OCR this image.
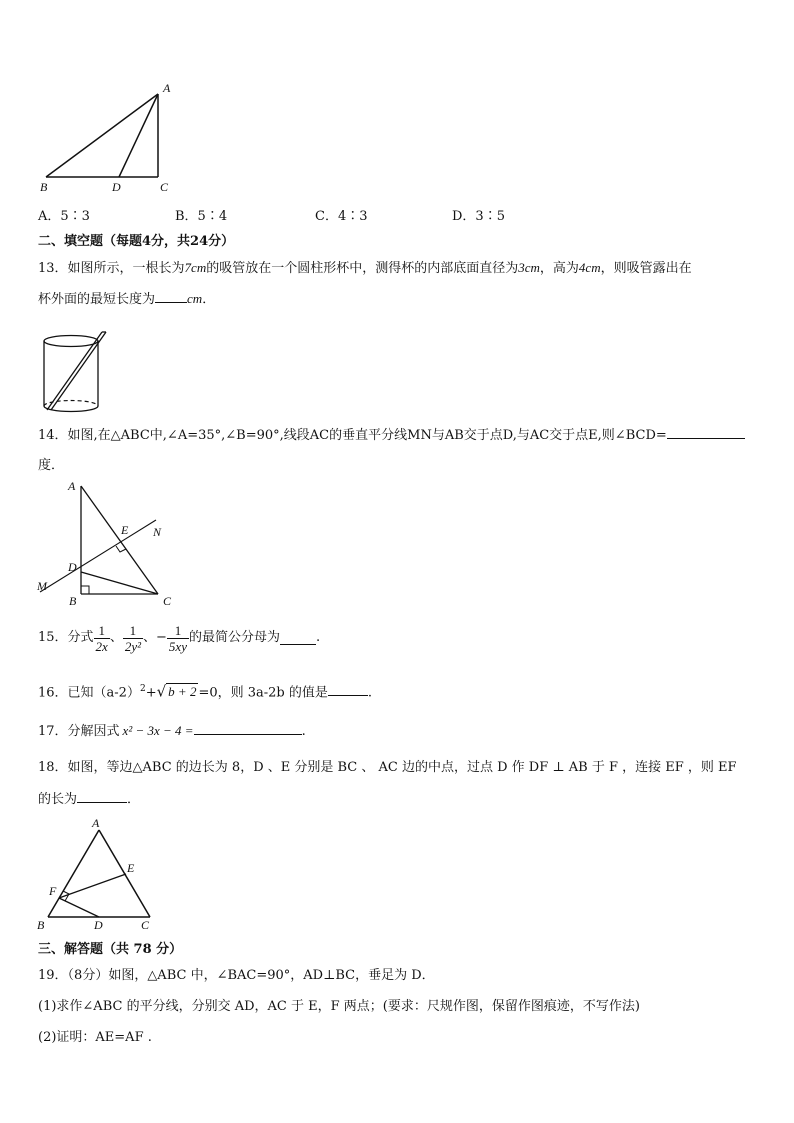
A
B	D	C
A．5∶3	B．5∶4	C．4∶3	D．3∶5
二、填空题（每题4分，共24分）
13．如图所示，一根长为7cm的吸管放在一个圆柱形杯中，测得杯的内部底面直径为3cm，高为4cm，则吸管露出在
杯外面的最短长度为 cm．
14．如图,在△ABC中,∠A=35°,∠B=90°,线段AC的垂直平分线MN与AB交于点D,与AC交于点E,则∠BCD=
度．
A
B	C
D
E
M
N
15．分式 $\frac{1}{2x}$ 、 $\frac{1}{\text{2y²}}$ 、− $\frac{1}{5xy}$ 的最简公分母为	.
16．已知$(a-2)^2+√$ b + 2 =0，则 3a-2b 的值是	.
17．分解因式 x² − 3x − 4 =	.
18．如图，等边△ABC 的边长为 8，D 、E 分别是 BC 、 AC 边的中点，过点 D 作 DF ⊥ AB 于 F ，连接 EF ，则 EF
的长为	．
A
B	D	C
E
F
三、解答题（共 78 分）
19．（8分）如图，△ABC 中，∠BAC=90°，AD⊥BC，垂足为 D．
(1)求作∠ABC 的平分线，分别交 AD，AC 于 E，F 两点；(要求：尺规作图，保留作图痕迹，不写作法)
(2)证明：AE=AF .
